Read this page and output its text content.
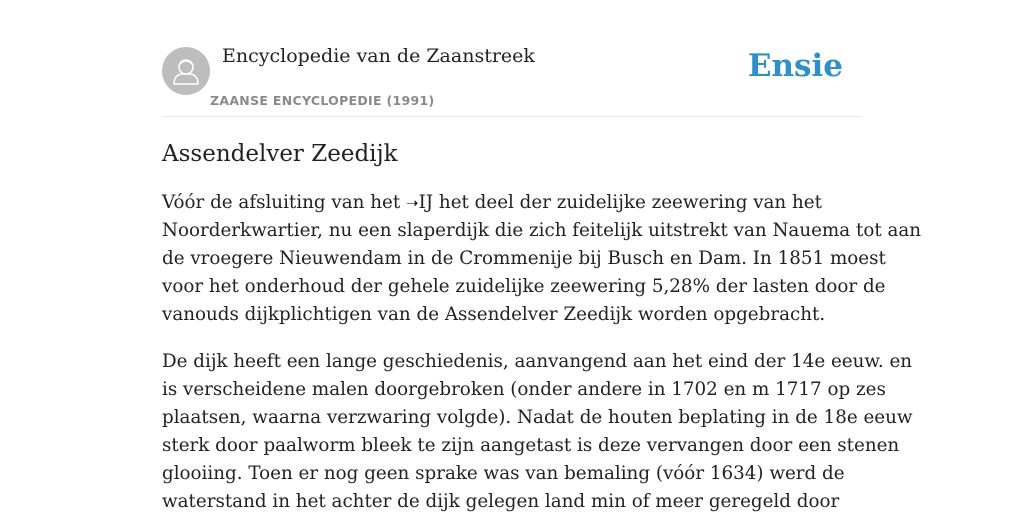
Encyclopedie van de Zaanstreek
ZAANSE ENCYCLOPEDIE (1991)
Ensie
Assendelver Zeedijk
Vóór de afsluiting van het ➝IJ het deel der zuidelijke zeewering van het
Noorderkwartier, nu een slaperdijk die zich feitelijk uitstrekt van Nauema tot aan
de vroegere Nieuwendam in de Crommenije bij Busch en Dam. In 1851 moest
voor het onderhoud der gehele zuidelijke zeewering 5,28% der lasten door de
vanouds dijkplichtigen van de Assendelver Zeedijk worden opgebracht.
De dijk heeft een lange geschiedenis, aanvangend aan het eind der 14e eeuw. en
is verscheidene malen doorgebroken (onder andere in 1702 en m 1717 op zes
plaatsen, waarna verzwaring volgde). Nadat de houten beplating in de 18e eeuw
sterk door paalworm bleek te zijn aangetast is deze vervangen door een stenen
glooiing. Toen er nog geen sprake was van bemaling (vóór 1634) werd de
waterstand in het achter de dijk gelegen land min of meer geregeld door
